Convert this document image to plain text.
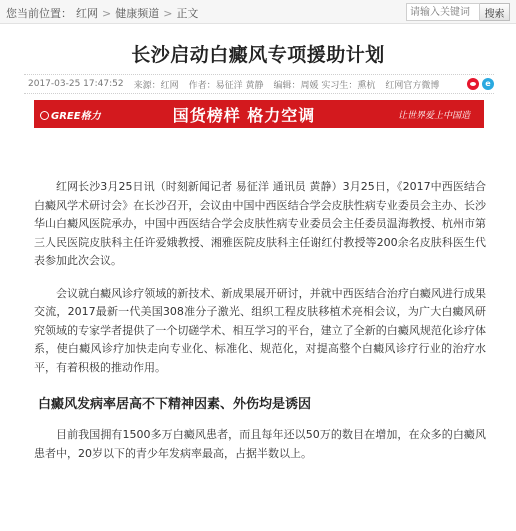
您当前位置： 红网 > 健康频道 > 正文
请输入关键词	搜索
长沙启动白癜风专项援助计划
2017-03-25 17:47:52 来源：红网 作者：易征洋 黄静 编辑：周媛 实习生：熏杭 红网官方微博	e
GREE格力	国货榜样 格力空调	让世界爱上中国造

红网长沙3月25日讯（时刻新闻记者 易征洋 通讯员 黄静）3月25日，《2017中西医结合白癜风学术研讨会》在长沙召开，会议由中国中西医结合学会皮肤性病专业委员会主办、长沙华山白癜风医院承办，中国中西医结合学会皮肤性病专业委员会主任委员温海教授、杭州市第三人民医院皮肤科主任许爱娥教授、湘雅医院皮肤科主任谢红付教授等200余名皮肤科医生代表参加此次会议。

会议就白癜风诊疗领域的新技术、新成果展开研讨，并就中西医结合治疗白癜风进行成果交流，2017最新一代美国308准分子激光、组织工程皮肤移植术亮相会议，为广大白癜风研究领域的专家学者提供了一个切磋学术、相互学习的平台，建立了全新的白癜风规范化诊疗体系，使白癜风诊疗加快走向专业化、标准化、规范化，对提高整个白癜风诊疗行业的治疗水平，有着积极的推动作用。

白癜风发病率居高不下精神因素、外伤均是诱因

目前我国拥有1500多万白癜风患者，而且每年还以50万的数目在增加，在众多的白癜风患者中，20岁以下的青少年发病率最高，占据半数以上。
